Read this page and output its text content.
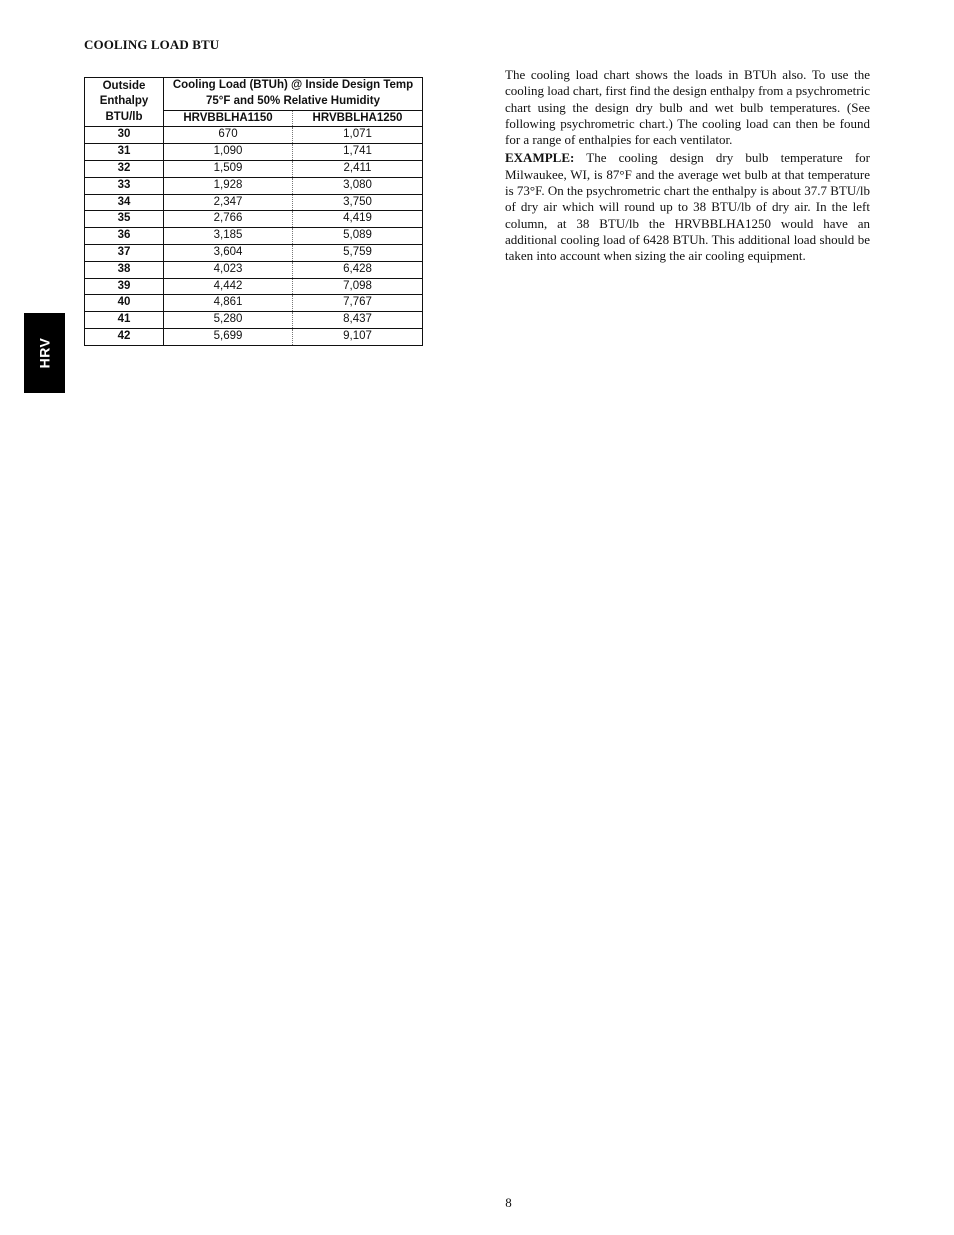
COOLING LOAD BTU
HRV
Outside Enthalpy BTU/lb	Cooling Load (BTUh) @ Inside Design Temp 75°F and 50% Relative Humidity	
	HRVBBLHA1150	HRVBBLHA1250
30	670	1,071
31	1,090	1,741
32	1,509	2,411
33	1,928	3,080
34	2,347	3,750
35	2,766	4,419
36	3,185	5,089
37	3,604	5,759
38	4,023	6,428
39	4,442	7,098
40	4,861	7,767
41	5,280	8,437
42	5,699	9,107

The cooling load chart shows the loads in BTUh also. To use the cooling load chart, first find the design enthalpy from a psychrometric chart using the design dry bulb and wet bulb temperatures. (See following psychrometric chart.) The cooling load can then be found for a range of enthalpies for each ventilator.

EXAMPLE: The cooling design dry bulb temperature for Milwaukee, WI, is 87°F and the average wet bulb at that temperature is 73°F. On the psychrometric chart the enthalpy is about 37.7 BTU/lb of dry air which will round up to 38 BTU/lb of dry air. In the left column, at 38 BTU/lb the HRVBBLHA1250 would have an additional cooling load of 6428 BTUh. This additional load should be taken into account when sizing the air cooling equipment.

8
